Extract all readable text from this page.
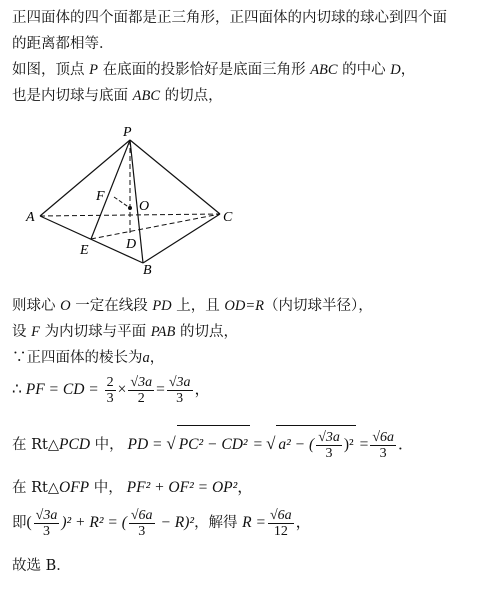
正四面体的四个面都是正三角形，正四面体的内切球的球心到四个面
的距离都相等．
如图，顶点 P 在底面的投影恰好是底面三角形 ABC 的中心 D，
也是内切球与底面 ABC 的切点，
P
A	C
B
E	D
F
O
则球心 O 一定在线段 PD 上，且 OD=R（内切球半径），
设 F 为内切球与平面 PAB 的切点，
∵正四面体的棱长为a，
∴ PF = CD = $\frac{2}{3} \times \frac{√3a}{2} = \frac{√3a}{3}$ ，
在 Rt△PCD 中， PD = √ PC² − CD² = √ a² − ( $\frac{√3a}{3} )^2 = \frac{√6a}{3}$ ．
在 Rt△OFP 中， PF² + OF² = OP²，
即( $\frac{√3a}{3} )^2 + R^2$ = ( $\frac{√6a}{3} - R)^2$，解得 $R = \frac{√6a}{12}$ ，
故选 B．
